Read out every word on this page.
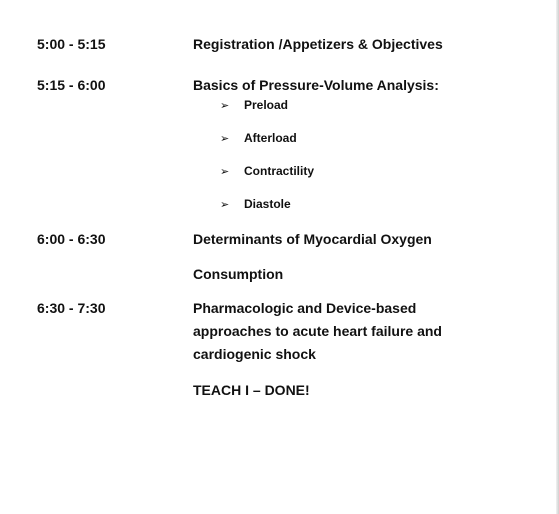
5:00 - 5:15	Registration /Appetizers & Objectives
5:15 - 6:00	Basics of Pressure-Volume Analysis:
➢ Preload
➢ Afterload
➢ Contractility
➢ Diastole
6:00 - 6:30	Determinants of Myocardial Oxygen
Consumption
6:30 - 7:30	Pharmacologic and Device-based
approaches to acute heart failure and
cardiogenic shock
TEACH I – DONE!
